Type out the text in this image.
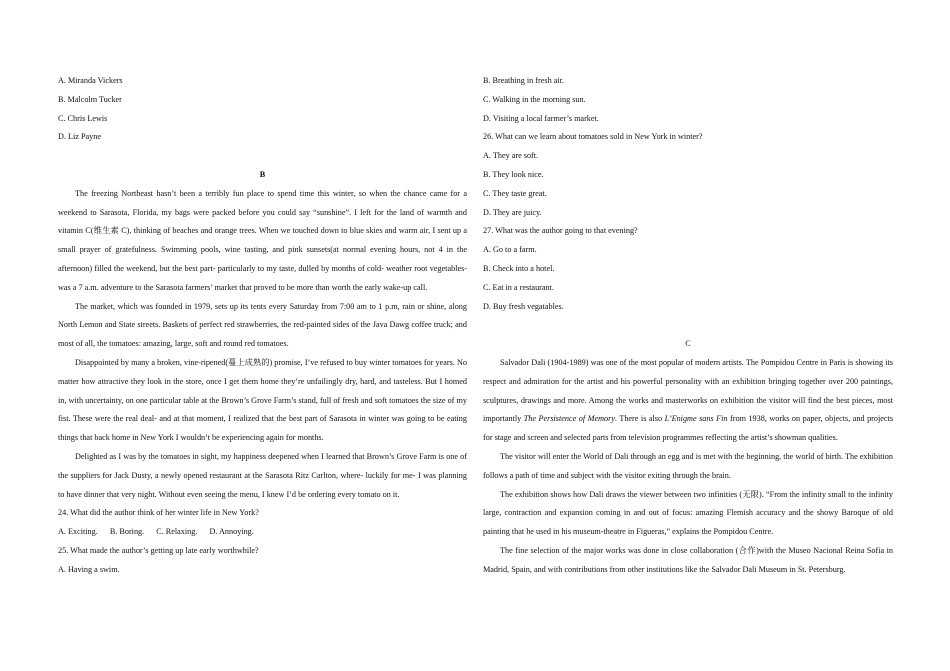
A. Miranda Vickers

B. Malcolm Tucker

C. Chris Lewis

D. Liz Payne

B

The freezing Northeast hasn’t been a terribly fun place to spend time this winter, so when the chance came for a weekend to Sarasota, Florida, my bags were packed before you could say “sunshine”. I left for the land of warmth and vitamin C(维生素 C), thinking of beaches and orange trees. When we touched down to blue skies and warm air, I sent up a small prayer of gratefulness. Swimming pools, wine tasting, and pink sunsets(at normal evening hours, not 4 in the afternoon) filled the weekend, but the best part- particularly to my taste, dulled by months of cold- weather root vegetables- was a 7 a.m. adventure to the Sarasota farmers’ market that proved to be more than worth the early wake-up call.

The market, which was founded in 1979, sets up its tents every Saturday from 7:00 am to 1 p.m, rain or shine, along North Lemon and State streets. Baskets of perfect red strawberries, the red-painted sides of the Java Dawg coffee truck; and most of all, the tomatoes: amazing, large, soft and round red tomatoes.

Disappointed by many a broken, vine-ripened(蔓上成熟的) promise, I’ve refused to buy winter tomatoes for years. No matter how attractive they look in the store, once I get them home they’re unfailingly dry, hard, and tasteless. But I homed in, with uncertainty, on one particular table at the Brown’s Grove Farm’s stand, full of fresh and soft tomatoes the size of my fist. These were the real deal- and at that moment, I realized that the best part of Sarasota in winter was going to be eating things that back home in New York I wouldn’t be experiencing again for months.

Delighted as I was by the tomatoes in sight, my happiness deepened when I learned that Brown’s Grove Farm is one of the suppliers for Jack Dusty, a newly opened restaurant at the Sarasota Ritz Carlton, where- luckily for me- I was planning to have dinner that very night. Without even seeing the menu, I knew I’d be ordering every tomato on it.

24. What did the author think of her winter life in New York?

A. Exciting. B. Boring. C. Relaxing. D. Annoying.

25. What made the author’s getting up late early worthwhile?

A. Having a swim.

B. Breathing in fresh air.

C. Walking in the morning sun.

D. Visiting a local farmer’s market.

26. What can we learn about tomatoes sold in New York in winter?

A. They are soft.

B. They look nice.

C. They taste great.

D. They are juicy.

27. What was the author going to that evening?

A. Go to a farm.

B. Check into a hotel.

C. Eat in a restaurant.

D. Buy fresh vegatables.

C

Salvador Dali (1904-1989) was one of the most popular of modern artists. The Pompidou Centre in Paris is showing its respect and admiration for the artist and his powerful personality with an exhibition bringing together over 200 paintings, sculptures, drawings and more. Among the works and masterworks on exhibition the visitor will find the best pieces, most importantly The Persistence of Memory. There is also L’Enigme sans Fin from 1938, works on paper, objects, and projects for stage and screen and selected parts from television programmes reflecting the artist’s showman qualities.

The visitor will enter the World of Dali through an egg and is met with the beginning, the world of birth. The exhibition follows a path of time and subject with the visitor exiting through the brain.

The exhibition shows how Dali draws the viewer between two infinities (无限). “From the infinity small to the infinity large, contraction and expansion coming in and out of focus: amazing Flemish accuracy and the showy Baroque of old painting that he used in his museum-theatre in Figueras,” explains the Pompidou Centre.

The fine selection of the major works was done in close collaboration (合作)with the Museo Nacional Reina Sofia in Madrid, Spain, and with contributions from other institutions like the Salvador Dali Museum in St. Petersburg.
